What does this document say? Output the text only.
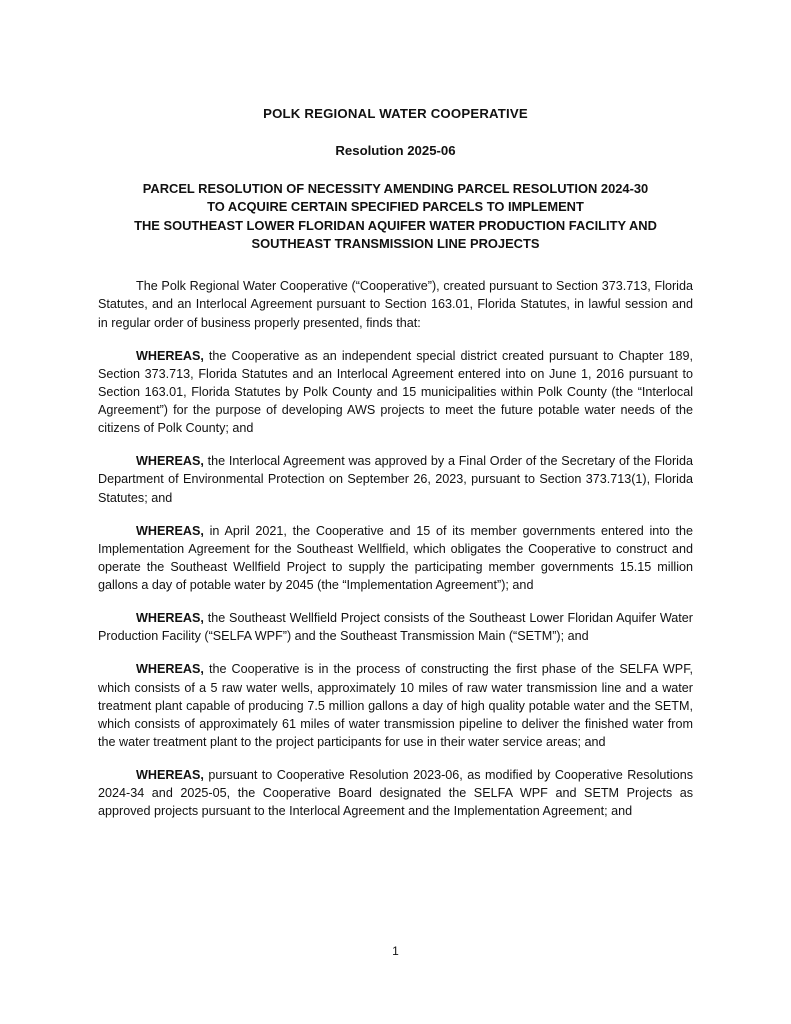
POLK REGIONAL WATER COOPERATIVE
Resolution 2025-06
PARCEL RESOLUTION OF NECESSITY AMENDING PARCEL RESOLUTION 2024-30
TO ACQUIRE CERTAIN SPECIFIED PARCELS TO IMPLEMENT
THE SOUTHEAST LOWER FLORIDAN AQUIFER WATER PRODUCTION FACILITY AND
SOUTHEAST TRANSMISSION LINE PROJECTS

The Polk Regional Water Cooperative (“Cooperative”), created pursuant to Section 373.713, Florida Statutes, and an Interlocal Agreement pursuant to Section 163.01, Florida Statutes, in lawful session and in regular order of business properly presented, finds that:

WHEREAS, the Cooperative as an independent special district created pursuant to Chapter 189, Section 373.713, Florida Statutes and an Interlocal Agreement entered into on June 1, 2016 pursuant to Section 163.01, Florida Statutes by Polk County and 15 municipalities within Polk County (the “Interlocal Agreement”) for the purpose of developing AWS projects to meet the future potable water needs of the citizens of Polk County; and

WHEREAS, the Interlocal Agreement was approved by a Final Order of the Secretary of the Florida Department of Environmental Protection on September 26, 2023, pursuant to Section 373.713(1), Florida Statutes; and

WHEREAS, in April 2021, the Cooperative and 15 of its member governments entered into the Implementation Agreement for the Southeast Wellfield, which obligates the Cooperative to construct and operate the Southeast Wellfield Project to supply the participating member governments 15.15 million gallons a day of potable water by 2045 (the “Implementation Agreement”); and

WHEREAS, the Southeast Wellfield Project consists of the Southeast Lower Floridan Aquifer Water Production Facility (“SELFA WPF”) and the Southeast Transmission Main (“SETM”); and

WHEREAS, the Cooperative is in the process of constructing the first phase of the SELFA WPF, which consists of a 5 raw water wells, approximately 10 miles of raw water transmission line and a water treatment plant capable of producing 7.5 million gallons a day of high quality potable water and the SETM, which consists of approximately 61 miles of water transmission pipeline to deliver the finished water from the water treatment plant to the project participants for use in their water service areas; and

WHEREAS, pursuant to Cooperative Resolution 2023-06, as modified by Cooperative Resolutions 2024-34 and 2025-05, the Cooperative Board designated the SELFA WPF and SETM Projects as approved projects pursuant to the Interlocal Agreement and the Implementation Agreement; and

1
